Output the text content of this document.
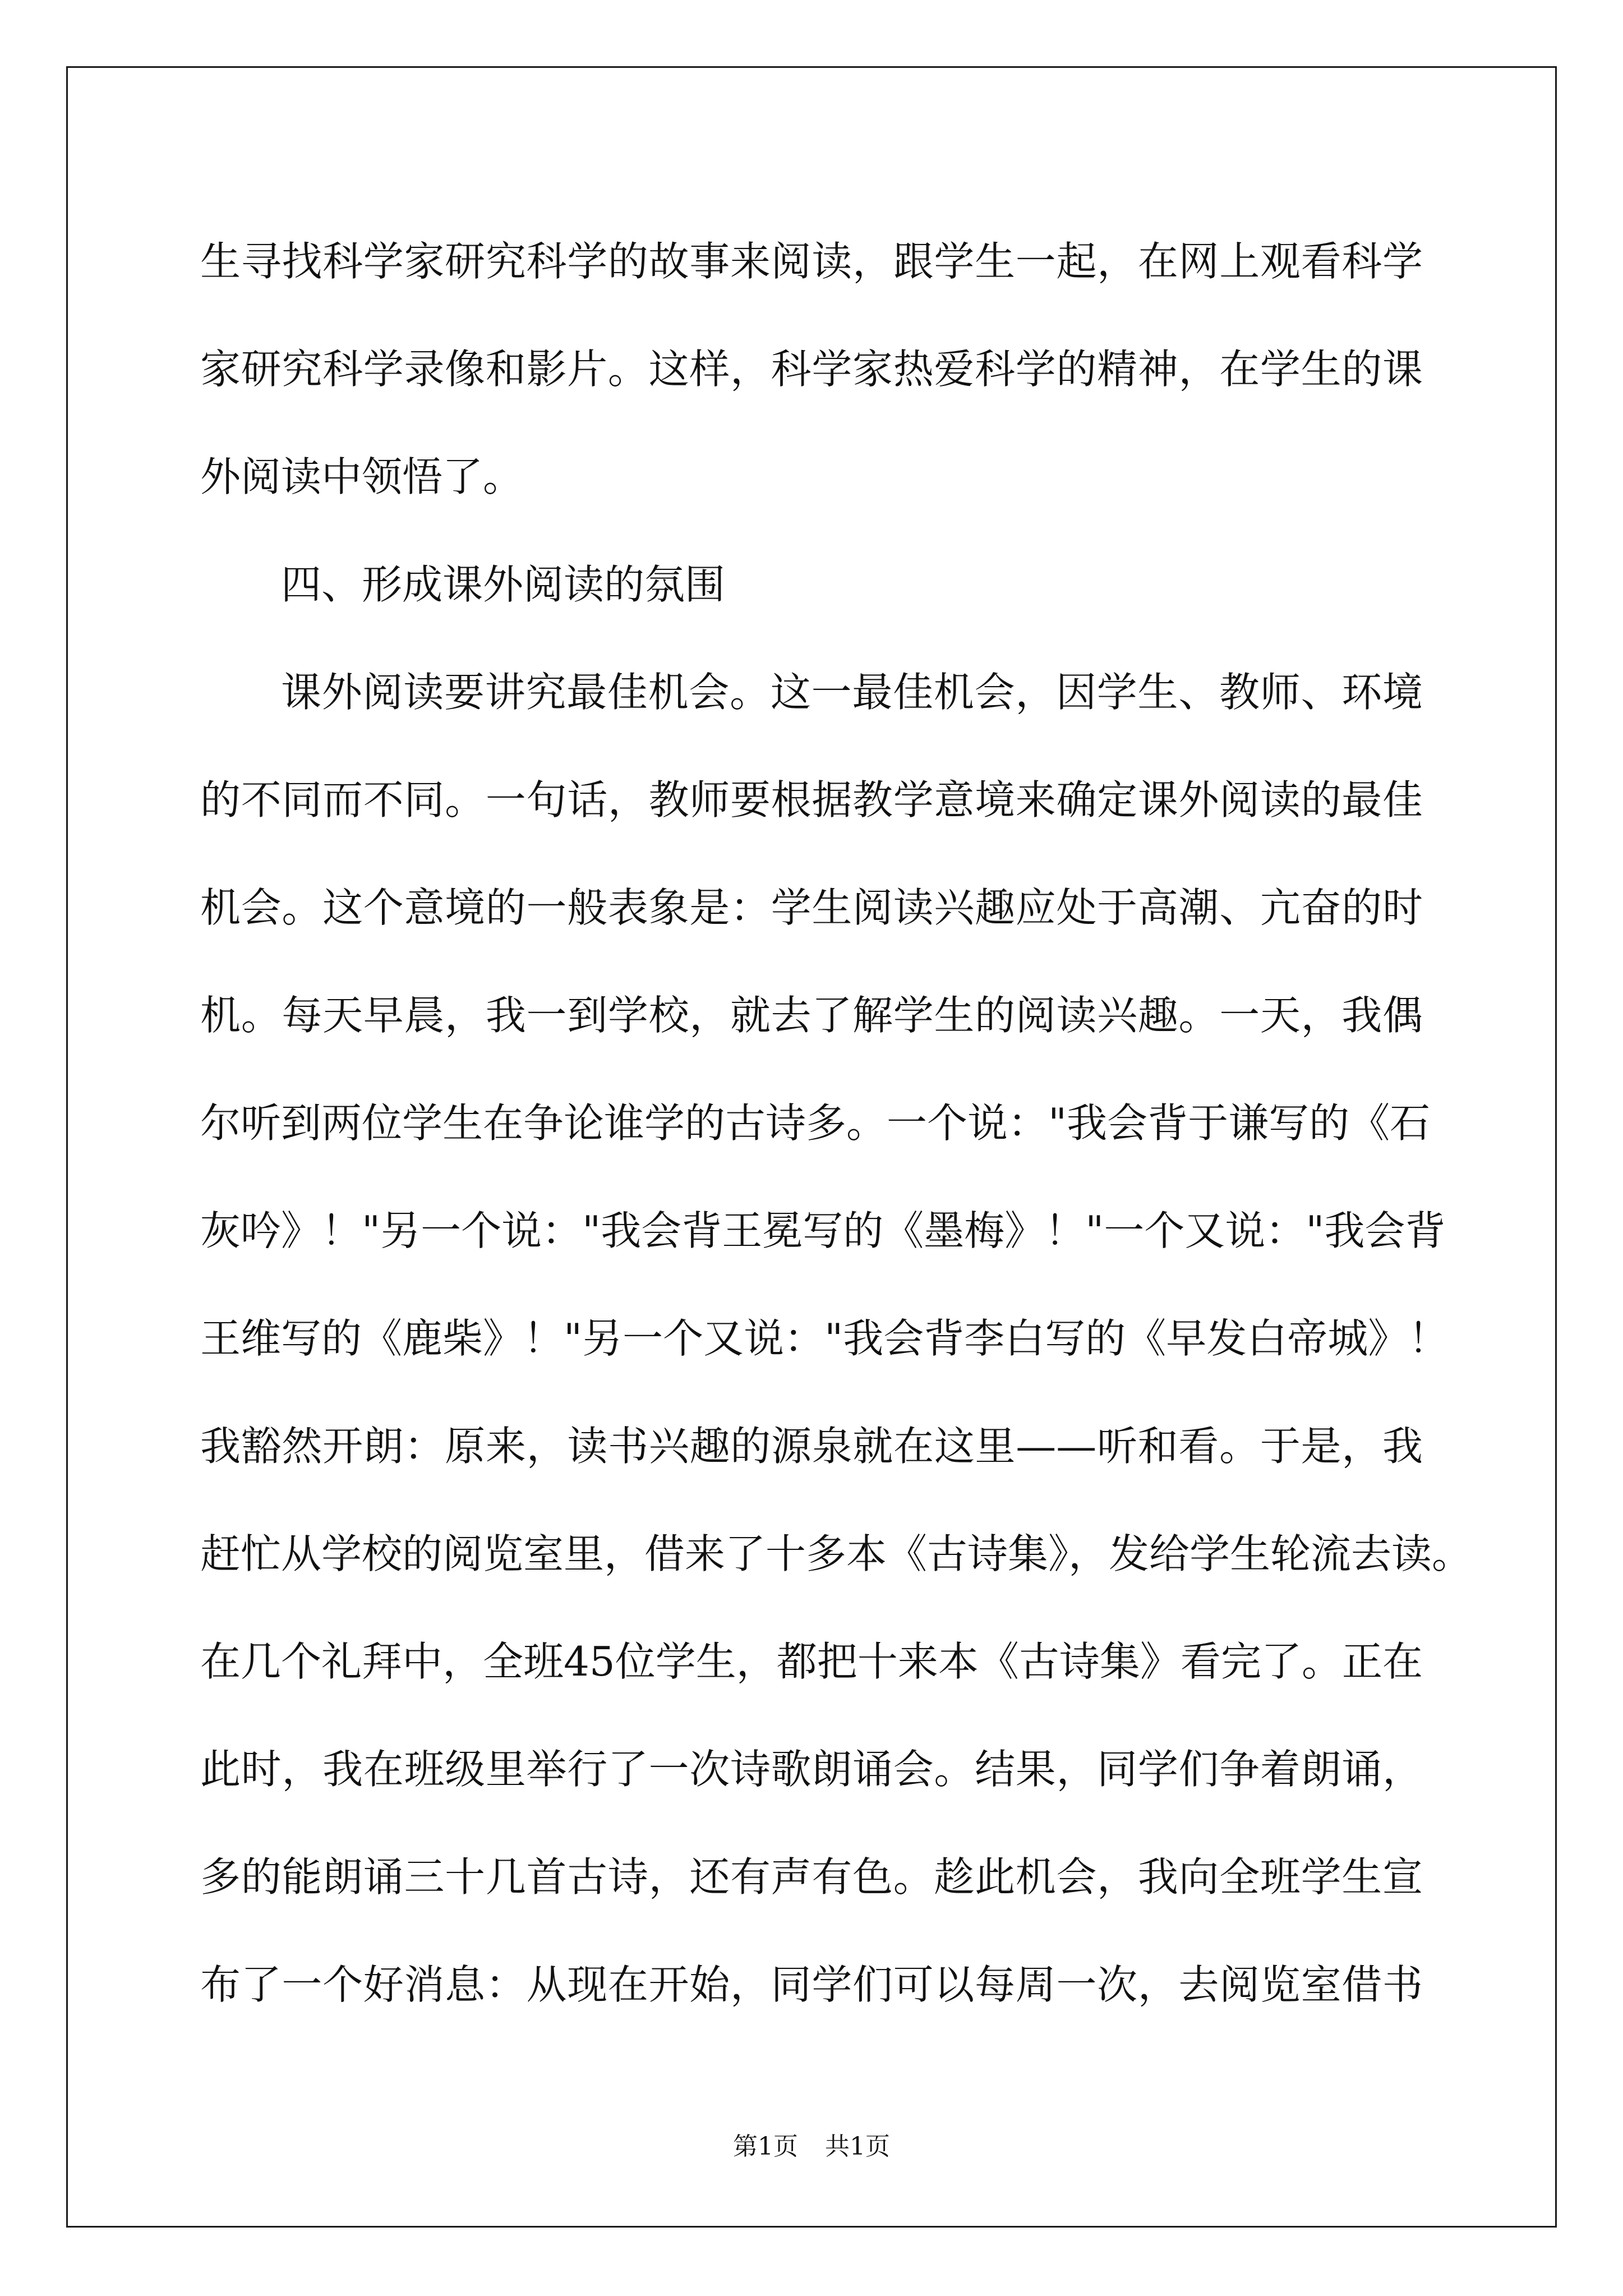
生寻找科学家研究科学的故事来阅读，跟学生一起，在网上观看科学
家研究科学录像和影片。这样，科学家热爱科学的精神，在学生的课
外阅读中领悟了。
四、形成课外阅读的氛围
课外阅读要讲究最佳机会。这一最佳机会，因学生、教师、环境
的不同而不同。一句话，教师要根据教学意境来确定课外阅读的最佳
机会。这个意境的一般表象是：学生阅读兴趣应处于高潮、亢奋的时
机。每天早晨，我一到学校，就去了解学生的阅读兴趣。一天，我偶
尔听到两位学生在争论谁学的古诗多。一个说："我会背于谦写的《石
灰吟》！"另一个说："我会背王冕写的《墨梅》！"一个又说："我会背
王维写的《鹿柴》！"另一个又说："我会背李白写的《早发白帝城》！
我豁然开朗：原来，读书兴趣的源泉就在这里——听和看。于是，我
赶忙从学校的阅览室里，借来了十多本《古诗集》，发给学生轮流去读。
在几个礼拜中，全班45位学生，都把十来本《古诗集》看完了。正在
此时，我在班级里举行了一次诗歌朗诵会。结果，同学们争着朗诵，
多的能朗诵三十几首古诗，还有声有色。趁此机会，我向全班学生宣
布了一个好消息：从现在开始，同学们可以每周一次，去阅览室借书
第1页 共1页
